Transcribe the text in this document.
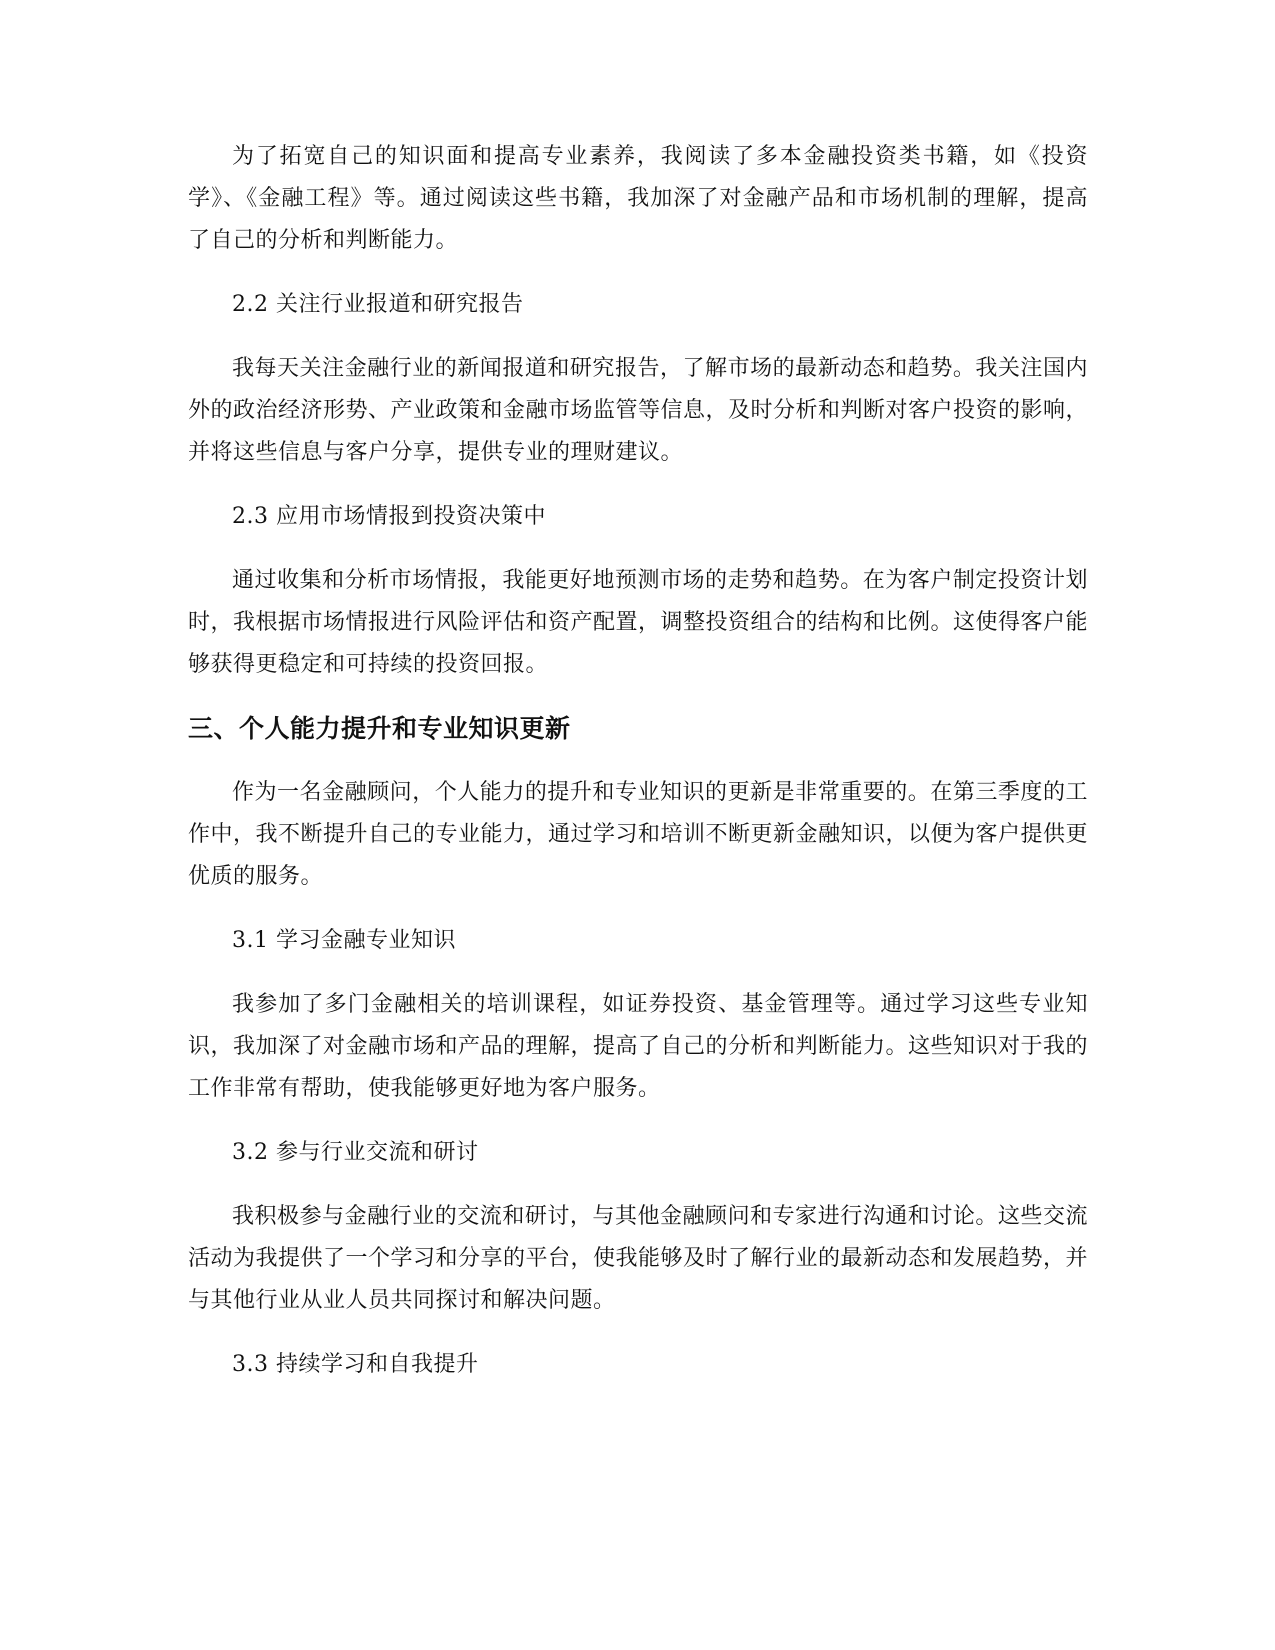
为了拓宽自己的知识面和提高专业素养，我阅读了多本金融投资类书籍，如《投资学》、《金融工程》等。通过阅读这些书籍，我加深了对金融产品和市场机制的理解，提高了自己的分析和判断能力。

2.2 关注行业报道和研究报告

我每天关注金融行业的新闻报道和研究报告，了解市场的最新动态和趋势。我关注国内外的政治经济形势、产业政策和金融市场监管等信息，及时分析和判断对客户投资的影响，并将这些信息与客户分享，提供专业的理财建议。

2.3 应用市场情报到投资决策中

通过收集和分析市场情报，我能更好地预测市场的走势和趋势。在为客户制定投资计划时，我根据市场情报进行风险评估和资产配置，调整投资组合的结构和比例。这使得客户能够获得更稳定和可持续的投资回报。

三、个人能力提升和专业知识更新

作为一名金融顾问，个人能力的提升和专业知识的更新是非常重要的。在第三季度的工作中，我不断提升自己的专业能力，通过学习和培训不断更新金融知识，以便为客户提供更优质的服务。

3.1 学习金融专业知识

我参加了多门金融相关的培训课程，如证券投资、基金管理等。通过学习这些专业知识，我加深了对金融市场和产品的理解，提高了自己的分析和判断能力。这些知识对于我的工作非常有帮助，使我能够更好地为客户服务。

3.2 参与行业交流和研讨

我积极参与金融行业的交流和研讨，与其他金融顾问和专家进行沟通和讨论。这些交流活动为我提供了一个学习和分享的平台，使我能够及时了解行业的最新动态和发展趋势，并与其他行业从业人员共同探讨和解决问题。

3.3 持续学习和自我提升
